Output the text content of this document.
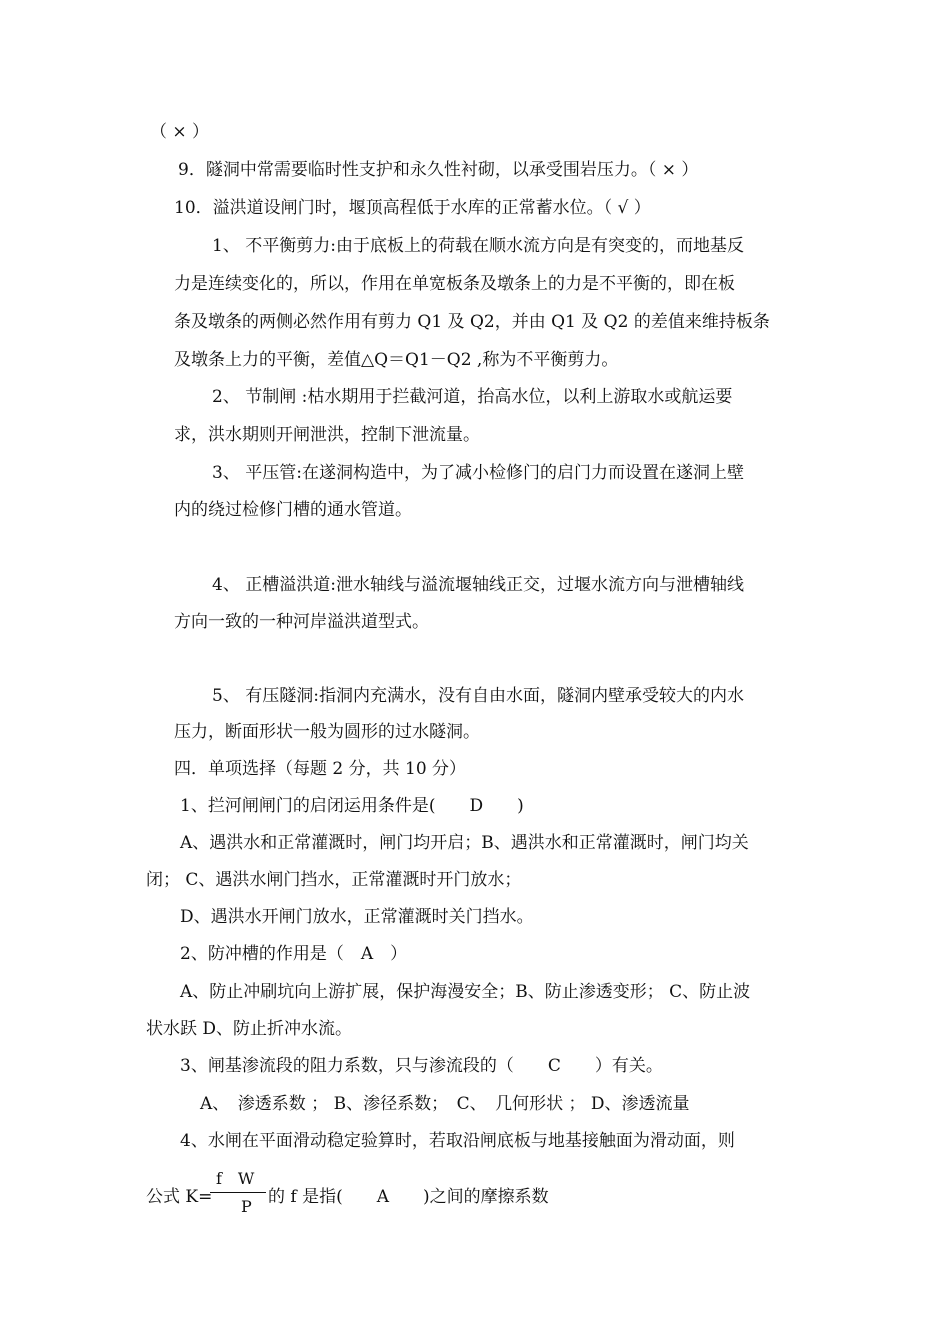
（ × ）
9．隧洞中常需要临时性支护和永久性衬砌，以承受围岩压力。（ × ）
10．溢洪道设闸门时，堰顶高程低于水库的正常蓄水位。（ √ ）
1、 不平衡剪力:由于底板上的荷载在顺水流方向是有突变的，而地基反
力是连续变化的，所以，作用在单宽板条及墩条上的力是不平衡的，即在板
条及墩条的两侧必然作用有剪力 Q1 及 Q2，并由 Q1 及 Q2 的差值来维持板条
及墩条上力的平衡，差值△Q＝Q1－Q2 ,称为不平衡剪力。
2、 节制闸 :枯水期用于拦截河道，抬高水位，以利上游取水或航运要
求，洪水期则开闸泄洪，控制下泄流量。
3、 平压管:在遂洞构造中，为了减小检修门的启门力而设置在遂洞上壁
内的绕过检修门槽的通水管道。
4、 正槽溢洪道:泄水轴线与溢流堰轴线正交，过堰水流方向与泄槽轴线
方向一致的一种河岸溢洪道型式。
5、 有压隧洞:指洞内充满水，没有自由水面，隧洞内壁承受较大的内水
压力，断面形状一般为圆形的过水隧洞。
四．单项选择（每题 2 分，共 10 分）
1、拦河闸闸门的启闭运用条件是(　　D　　)
A、遇洪水和正常灌溉时，闸门均开启；B、遇洪水和正常灌溉时，闸门均关
闭； C、遇洪水闸门挡水，正常灌溉时开门放水；
D、遇洪水开闸门放水，正常灌溉时关门挡水。
2、防冲槽的作用是（　A　）
A、防止冲刷坑向上游扩展，保护海漫安全；B、防止渗透变形； C、防止波
状水跃 D、防止折冲水流。
3、闸基渗流段的阻力系数，只与渗流段的（　　C　　）有关。
A、　渗透系数 ； B、渗径系数；　C、　几何形状 ； D、渗透流量
4、水闸在平面滑动稳定验算时，若取沿闸底板与地基接触面为滑动面，则
公式 K=
f　W
P 的 f 是指(　　A　　)之间的摩擦系数
